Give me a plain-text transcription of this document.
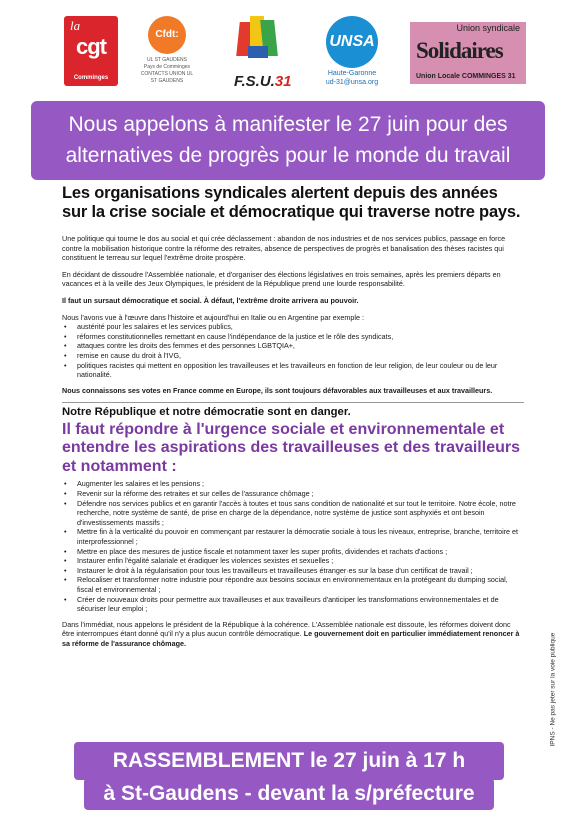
la
cgt
Comminges
Cfdt:
UL ST GAUDENS
Pays de Comminges
CONTACTS UNION UL
ST GAUDENS	F.S.U.31
UNSA
Haute-Garonne
ud-31@unsa.org
Union syndicale
Solidaires
Union Locale COMMINGES 31
Nous appelons à manifester le 27 juin pour des alternatives de progrès pour le monde du travail
Les organisations syndicales alertent depuis des années sur la crise sociale et démocratique qui traverse notre pays.
Une politique qui tourne le dos au social et qui crée déclassement : abandon de nos industries et de nos services publics, passage en force contre la mobilisation historique contre la réforme des retraites, absence de perspectives de progrès et banalisation des thèses racistes qui constituent le terreau sur lequel l'extrême droite prospère.
En décidant de dissoudre l'Assemblée nationale, et d'organiser des élections législatives en trois semaines, après les premiers départs en vacances et à la veille des Jeux Olympiques, le président de la République prend une lourde responsabilité.
Il faut un sursaut démocratique et social. À défaut, l'extrême droite arrivera au pouvoir.
Nous l'avons vue à l'œuvre dans l'histoire et aujourd'hui en Italie ou en Argentine par exemple :
• austérité pour les salaires et les services publics,
• réformes constitutionnelles remettant en cause l'indépendance de la justice et le rôle des syndicats,
• attaques contre les droits des femmes et des personnes LGBTQIA+,
• remise en cause du droit à l'IVG,
• politiques racistes qui mettent en opposition les travailleuses et les travailleurs en fonction de leur religion, de leur couleur ou de leur nationalité.
Nous connaissons ses votes en France comme en Europe, ils sont toujours défavorables aux travailleuses et aux travailleurs.
Notre République et notre démocratie sont en danger.
Il faut répondre à l'urgence sociale et environnementale et entendre les aspirations des travailleuses et des travailleurs et notamment :
• Augmenter les salaires et les pensions ;
• Revenir sur la réforme des retraites et sur celles de l'assurance chômage ;
• Défendre nos services publics et en garantir l'accès à toutes et tous sans condition de nationalité et sur tout le territoire. Notre école, notre recherche, notre système de santé, de prise en charge de la dépendance, notre système de justice sont asphyxiés et ont besoin d'investissements massifs ;
• Mettre fin à la verticalité du pouvoir en commençant par restaurer la démocratie sociale à tous les niveaux, entreprise, branche, territoire et interprofessionnel ;
• Mettre en place des mesures de justice fiscale et notamment taxer les super profits, dividendes et rachats d'actions ;
• Instaurer enfin l'égalité salariale et éradiquer les violences sexistes et sexuelles ;
• Instaurer le droit à la régularisation pour tous les travailleurs et travailleuses étranger·es sur la base d'un certificat de travail ;
• Relocaliser et transformer notre industrie pour répondre aux besoins sociaux en environnementaux en la protégeant du dumping social, fiscal et environnemental ;
• Créer de nouveaux droits pour permettre aux travailleuses et aux travailleurs d'anticiper les transformations environnementales et de sécuriser leur emploi ;
Dans l'immédiat, nous appelons le président de la République à la cohérence. L'Assemblée nationale est dissoute, les réformes doivent donc être interrompues étant donné qu'il n'y a plus aucun contrôle démocratique. Le gouvernement doit en particulier immédiatement renoncer à sa réforme de l'assurance chômage.
RASSEMBLEMENT le 27 juin à 17 h
à St-Gaudens - devant la s/préfecture
IPNS - Ne pas jeter sur la voie publique
